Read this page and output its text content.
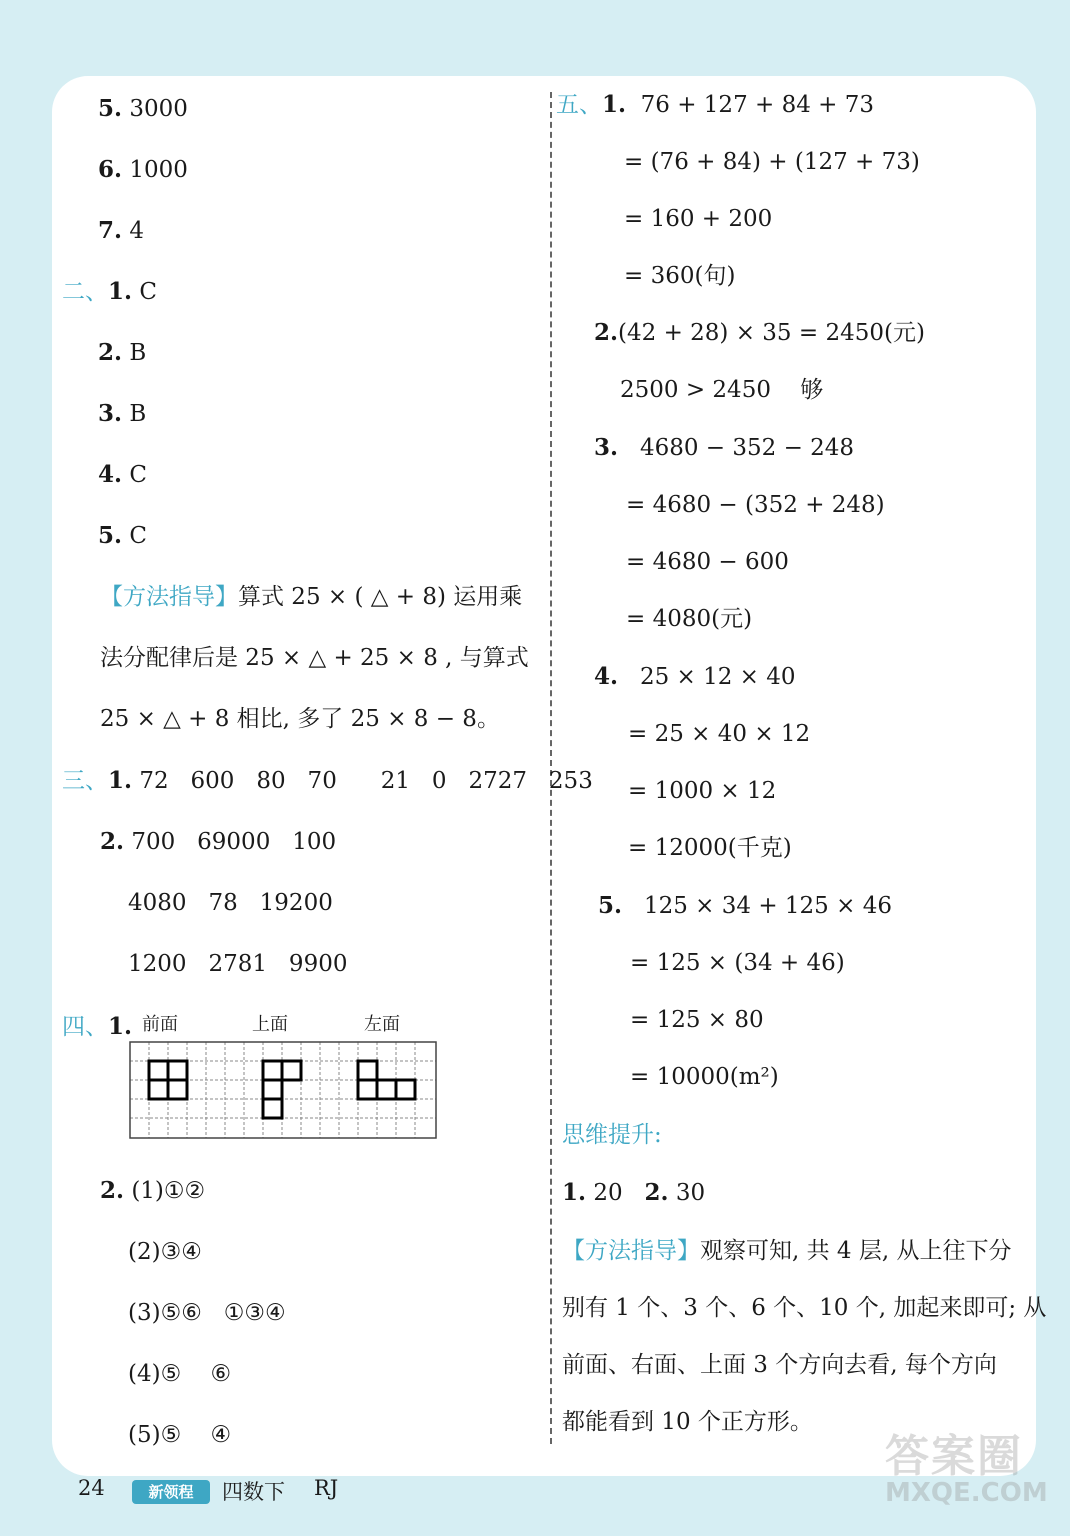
5. 3000
6. 1000
7. 4
二、1. C
2. B
3. B
4. C
5. C
【方法指导】算式 25 × ( △ + 8) 运用乘
法分配律后是 25 × △ + 25 × 8 , 与算式
25 × △ + 8 相比, 多了 25 × 8 − 8。
三、1. 72   600   80   70      21   0   2727   253
2. 700   69000   100
4080   78   19200
1200   2781   9900
四、1. 前面	上面	左面
2. (1)①②
(2)③④
(3)⑤⑥   ①③④
(4)⑤    ⑥
(5)⑤    ④
五、1.  76 + 127 + 84 + 73
= (76 + 84) + (127 + 73)
= 160 + 200
= 360(句)
2.(42 + 28) × 35 = 2450(元)
2500 > 2450    够
3.   4680 − 352 − 248
= 4680 − (352 + 248)
= 4680 − 600
= 4080(元)
4.   25 × 12 × 40
= 25 × 40 × 12
= 1000 × 12
= 12000(千克)
5.   125 × 34 + 125 × 46
= 125 × (34 + 46)
= 125 × 80
= 10000(m²)
思维提升:
1. 20 2. 30
【方法指导】观察可知, 共 4 层, 从上往下分
别有 1 个、3 个、6 个、10 个, 加起来即可; 从
前面、右面、上面 3 个方向去看, 每个方向
都能看到 10 个正方形。
24	新领程	四数下 RJ
答案圈
MXQE.COM
